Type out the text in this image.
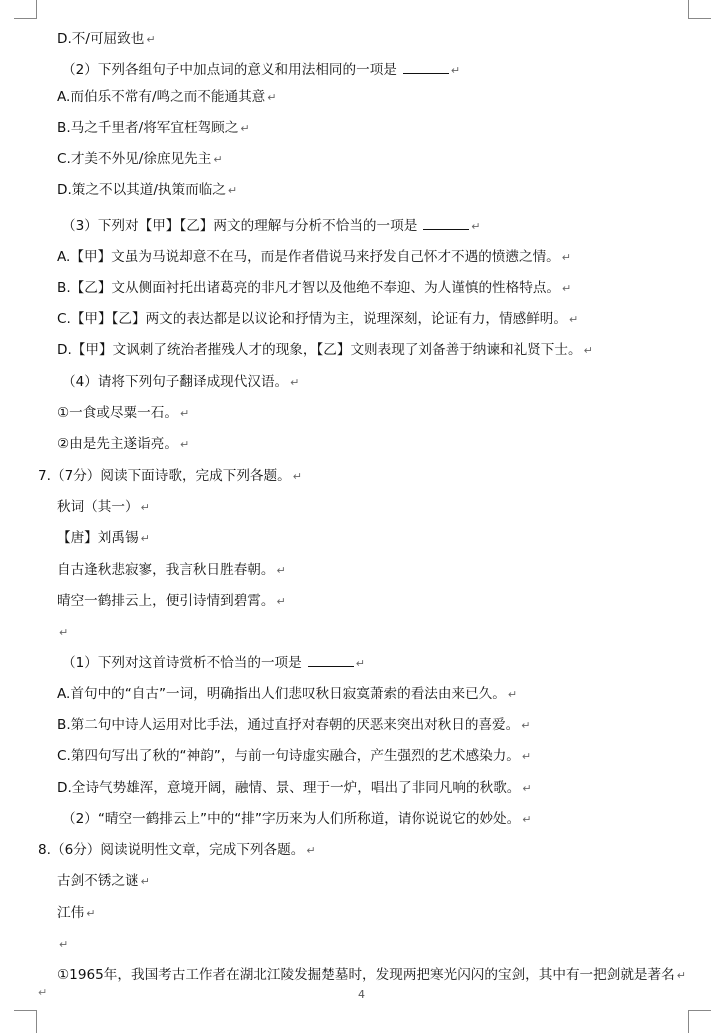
D.不/可屈致也 ↵
（2）下列各组句子中加点词的意义和用法相同的一项是	↵
A.而伯乐不常有/鸣之而不能通其意 ↵
B.马之千里者/将军宜枉驾顾之 ↵
C.才美不外见/徐庶见先主 ↵
D.策之不以其道/执策而临之 ↵
（3）下列对【甲】【乙】两文的理解与分析不恰当的一项是	↵
A.【甲】文虽为马说却意不在马，而是作者借说马来抒发自己怀才不遇的愤懑之情。 ↵
B.【乙】文从侧面衬托出诸葛亮的非凡才智以及他绝不奉迎、为人谨慎的性格特点。 ↵
C.【甲】【乙】两文的表达都是以议论和抒情为主，说理深刻，论证有力，情感鲜明。 ↵
D.【甲】文讽刺了统治者摧残人才的现象，【乙】文则表现了刘备善于纳谏和礼贤下士。 ↵
（4）请将下列句子翻译成现代汉语。 ↵
①一食或尽粟一石。 ↵
②由是先主遂诣亮。 ↵
7.（7分）阅读下面诗歌，完成下列各题。 ↵
秋词（其一） ↵
【唐】刘禹锡 ↵
自古逢秋悲寂寥，我言秋日胜春朝。 ↵
晴空一鹤排云上，便引诗情到碧霄。 ↵
↵
（1）下列对这首诗赏析不恰当的一项是	↵
A.首句中的“自古”一词，明确指出人们悲叹秋日寂寞萧索的看法由来已久。 ↵
B.第二句中诗人运用对比手法，通过直抒对春朝的厌恶来突出对秋日的喜爱。 ↵
C.第四句写出了秋的“神韵”，与前一句诗虚实融合，产生强烈的艺术感染力。 ↵
D.全诗气势雄浑，意境开阔，融情、景、理于一炉，唱出了非同凡响的秋歌。 ↵
（2）“晴空一鹤排云上”中的“排”字历来为人们所称道，请你说说它的妙处。 ↵
8.（6分）阅读说明性文章，完成下列各题。 ↵
古剑不锈之谜 ↵
江伟 ↵
↵
①1965年，我国考古工作者在湖北江陵发掘楚墓时，发现两把寒光闪闪的宝剑，其中有一把剑就是著名 ↵
↵	4
